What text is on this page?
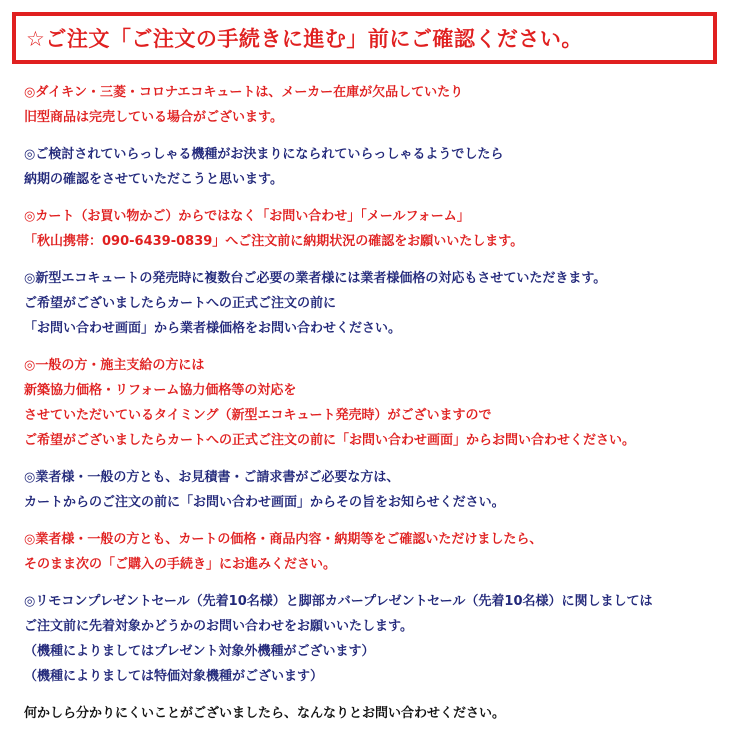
☆ご注文「ご注文の手続きに進む」前にご確認ください。
◎ダイキン・三菱・コロナエコキュートは、メーカー在庫が欠品していたり
旧型商品は完売している場合がございます。
◎ご検討されていらっしゃる機種がお決まりになられていらっしゃるようでしたら
納期の確認をさせていただこうと思います。
◎カート（お買い物かご）からではなく「お問い合わせ」「メールフォーム」
「秋山携帯：090-6439-0839」へご注文前に納期状況の確認をお願いいたします。
◎新型エコキュートの発売時に複数台ご必要の業者様には業者様価格の対応もさせていただきます。
ご希望がございましたらカートへの正式ご注文の前に
「お問い合わせ画面」から業者様価格をお問い合わせください。
◎一般の方・施主支給の方には
新築協力価格・リフォーム協力価格等の対応を
させていただいているタイミング（新型エコキュート発売時）がございますので
ご希望がございましたらカートへの正式ご注文の前に「お問い合わせ画面」からお問い合わせください。
◎業者様・一般の方とも、お見積書・ご請求書がご必要な方は、
カートからのご注文の前に「お問い合わせ画面」からその旨をお知らせください。
◎業者様・一般の方とも、カートの価格・商品内容・納期等をご確認いただけましたら、
そのまま次の「ご購入の手続き」にお進みください。
◎リモコンプレゼントセール（先着10名様）と脚部カバープレゼントセール（先着10名様）に関しましては
ご注文前に先着対象かどうかのお問い合わせをお願いいたします。
（機種によりましてはプレゼント対象外機種がございます）
（機種によりましては特価対象機種がございます）
何かしら分かりにくいことがございましたら、なんなりとお問い合わせください。
